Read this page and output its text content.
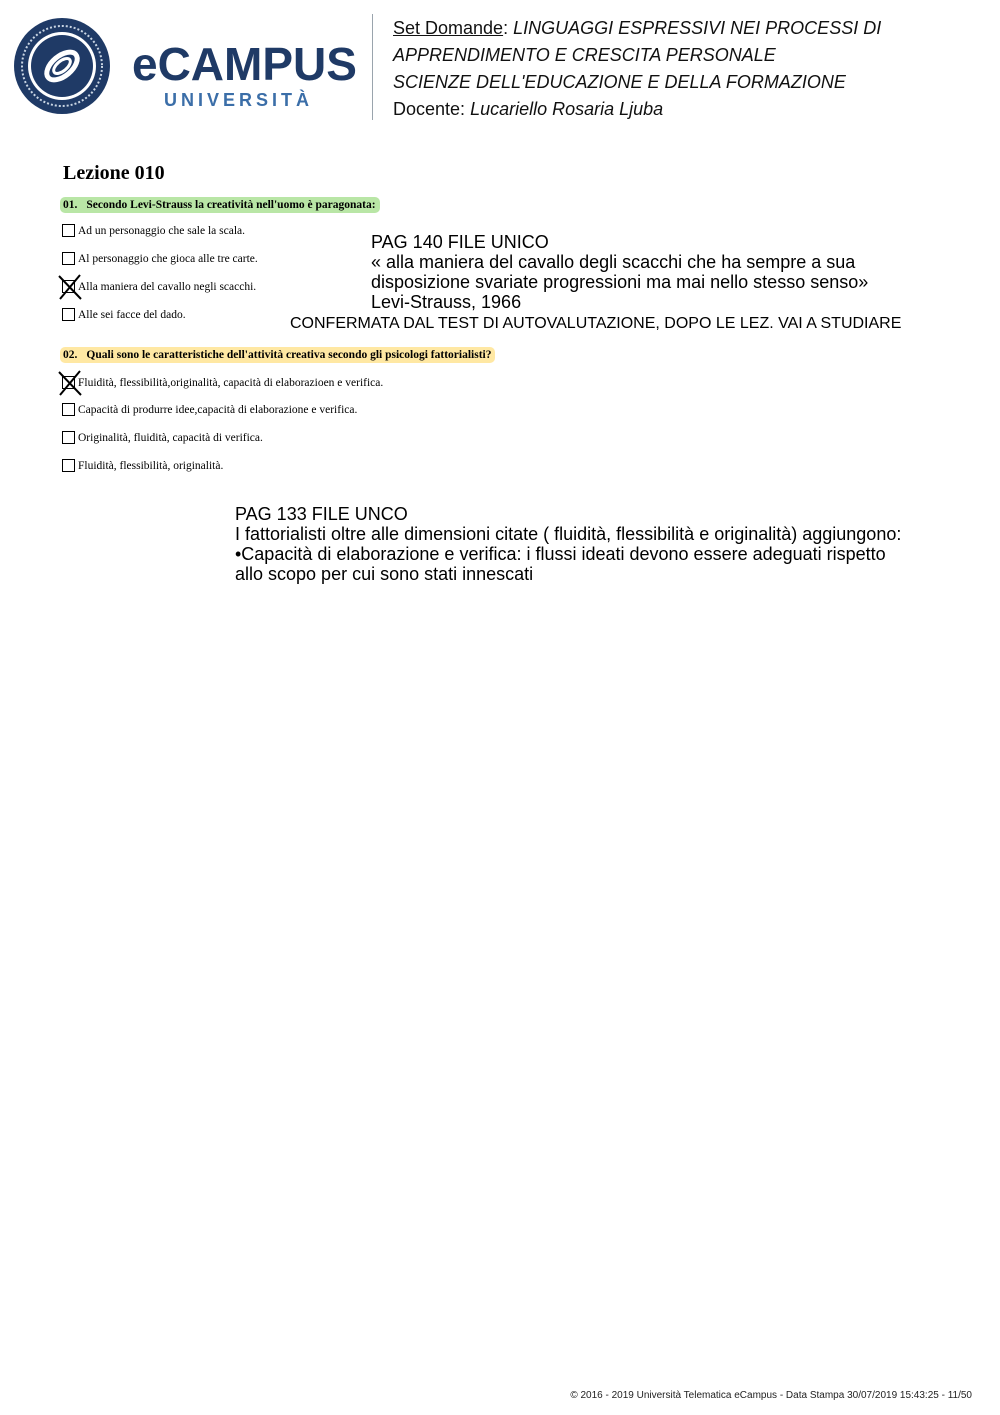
eCAMPUS
UNIVERSITÀ
Set Domande: LINGUAGGI ESPRESSIVI NEI PROCESSI DI
APPRENDIMENTO E CRESCITA PERSONALE
SCIENZE DELL'EDUCAZIONE E DELLA FORMAZIONE
Docente: Lucariello Rosaria Ljuba
Lezione 010
01. Secondo Levi-Strauss la creatività nell'uomo è paragonata:
Ad un personaggio che sale la scala.
Al personaggio che gioca alle tre carte.
Alla maniera del cavallo negli scacchi.
Alle sei facce del dado.
PAG 140 FILE UNICO
« alla maniera del cavallo degli scacchi che ha sempre a sua
disposizione svariate progressioni ma mai nello stesso senso»
Levi-Strauss, 1966
CONFERMATA DAL TEST DI AUTOVALUTAZIONE, DOPO LE LEZ. VAI A STUDIARE
02. Quali sono le caratteristiche dell'attività creativa secondo gli psicologi fattorialisti?
Fluidità, flessibilità,originalità, capacità di elaborazioen e verifica.
Capacità di produrre idee,capacità di elaborazione e verifica.
Originalità, fluidità, capacità di verifica.
Fluidità, flessibilità, originalità.
PAG 133 FILE UNCO
I fattorialisti oltre alle dimensioni citate ( fluidità, flessibilità e originalità) aggiungono:
•Capacità di elaborazione e verifica: i flussi ideati devono essere adeguati rispetto
allo scopo per cui sono stati innescati
© 2016 - 2019 Università Telematica eCampus - Data Stampa 30/07/2019 15:43:25 - 11/50
